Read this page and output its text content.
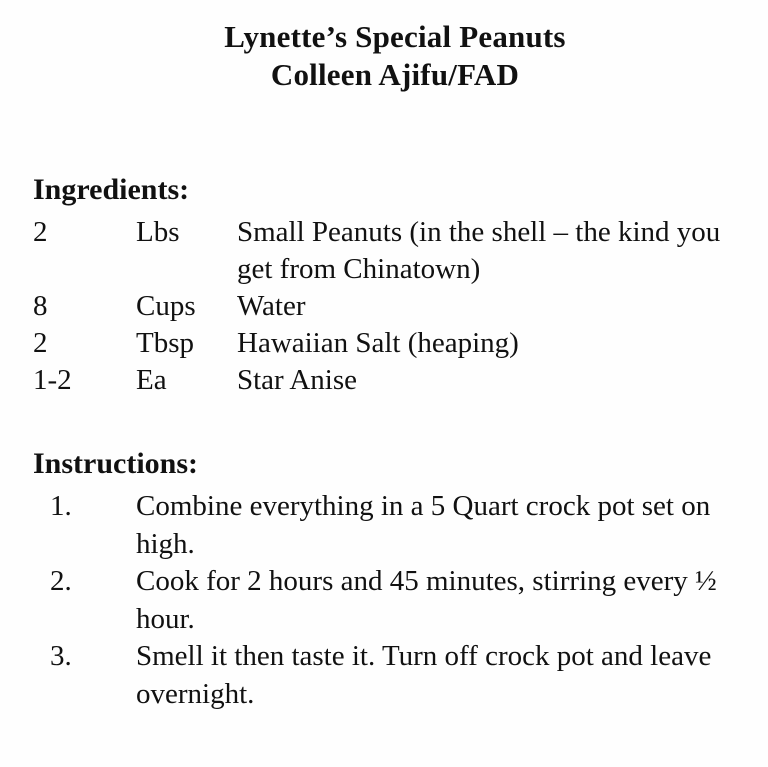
Lynette’s Special Peanuts
Colleen Ajifu/FAD
Ingredients:
2	Lbs	Small Peanuts (in the shell – the kind you get from Chinatown)
8	Cups	Water
2	Tbsp	Hawaiian Salt (heaping)
1-2	Ea	Star Anise
Instructions:
1.	Combine everything in a 5 Quart crock pot set on high.
2.	Cook for 2 hours and 45 minutes, stirring every ½ hour.
3.	Smell it then taste it. Turn off crock pot and leave overnight.
